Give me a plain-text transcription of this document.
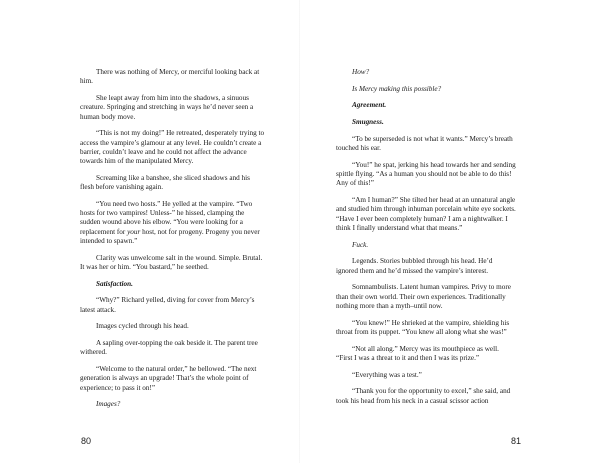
There was nothing of Mercy, or merciful looking back at him.

She leapt away from him into the shadows, a sinuous creature. Springing and stretching in ways he’d never seen a human body move.

“This is not my doing!” He retreated, desperately trying to access the vampire’s glamour at any level. He couldn’t create a barrier, couldn’t leave and he could not affect the advance towards him of the manipulated Mercy.

Screaming like a banshee, she sliced shadows and his flesh before vanishing again.

“You need two hosts.” He yelled at the vampire. “Two hosts for two vampires! Unless-” he hissed, clamping the sudden wound above his elbow. “You were looking for a replacement for your host, not for progeny. Progeny you never intended to spawn.”

Clarity was unwelcome salt in the wound. Simple. Brutal. It was her or him. “You bastard,” he seethed.

Satisfaction.

“Why?” Richard yelled, diving for cover from Mercy’s latest attack.

Images cycled through his head.

A sapling over-topping the oak beside it. The parent tree withered.

“Welcome to the natural order,” he bellowed. “The next generation is always an upgrade! That’s the whole point of experience; to pass it on!”

Images?

80

How?

Is Mercy making this possible?

Agreement.

Smugness.

“To be superseded is not what it wants.” Mercy’s breath touched his ear.

“You!” he spat, jerking his head towards her and sending spittle flying. “As a human you should not be able to do this! Any of this!”

“Am I human?” She tilted her head at an unnatural angle and studied him through inhuman porcelain white eye sockets. “Have I ever been completely human? I am a nightwalker. I think I finally understand what that means.”

Fuck.

Legends. Stories bubbled through his head. He’d ignored them and he’d missed the vampire’s interest.

Somnambulists. Latent human vampires. Privy to more than their own world. Their own experiences. Traditionally nothing more than a myth–until now.

“You knew!” He shrieked at the vampire, shielding his throat from its puppet. “You knew all along what she was!”

“Not all along.” Mercy was its mouthpiece as well. “First I was a threat to it and then I was its prize.”

“Everything was a test.”

“Thank you for the opportunity to excel,” she said, and took his head from his neck in a casual scissor action

81
